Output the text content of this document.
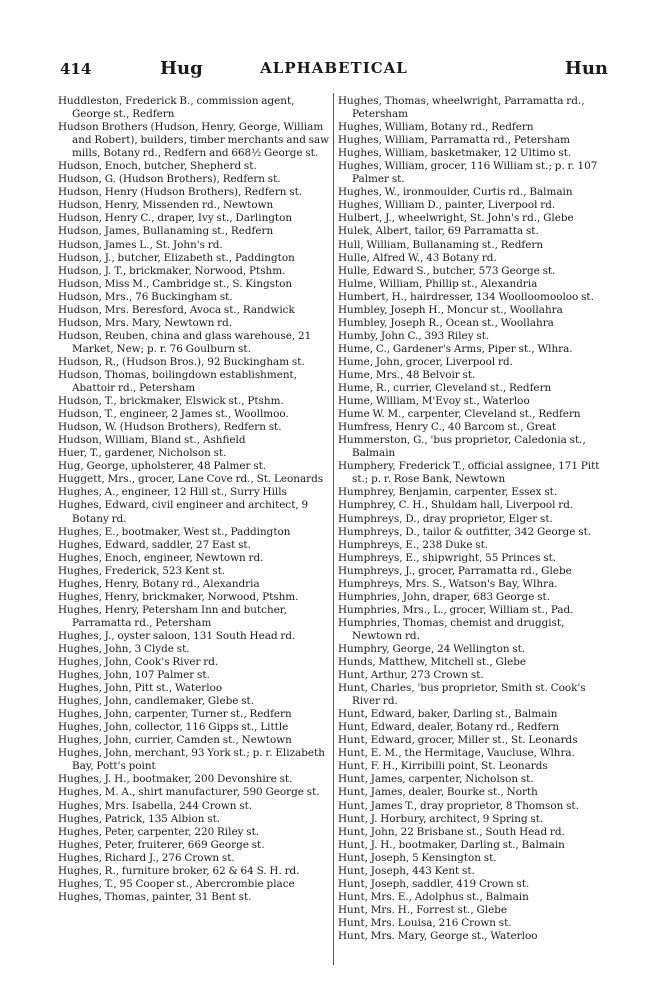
414	Hug	ALPHABETICAL	Hun
Huddleston, Frederick B., commission agent, George st., Redfern
Hudson Brothers (Hudson, Henry, George, William and Robert), builders, timber merchants and saw mills, Botany rd., Redfern and 668½ George st.
Hudson, Enoch, butcher, Shepherd st.
Hudson, G. (Hudson Brothers), Redfern st.
Hudson, Henry (Hudson Brothers), Redfern st.
Hudson, Henry, Missenden rd., Newtown
Hudson, Henry C., draper, Ivy st., Darlington
Hudson, James, Bullanaming st., Redfern
Hudson, James L., St. John's rd.
Hudson, J., butcher, Elizabeth st., Paddington
Hudson, J. T., brickmaker, Norwood, Ptshm.
Hudson, Miss M., Cambridge st., S. Kingston
Hudson, Mrs., 76 Buckingham st.
Hudson, Mrs. Beresford, Avoca st., Randwick
Hudson, Mrs. Mary, Newtown rd.
Hudson, Reuben, china and glass warehouse, 21 Market, New; p. r. 76 Goulburn st.
Hudson, R., (Hudson Bros.), 92 Buckingham st.
Hudson, Thomas, boilingdown establishment, Abattoir rd., Petersham
Hudson, T., brickmaker, Elswick st., Ptshm.
Hudson, T., engineer, 2 James st., Woollmoo.
Hudson, W. (Hudson Brothers), Redfern st.
Hudson, William, Bland st., Ashfield
Huer, T., gardener, Nicholson st.
Hug, George, upholsterer, 48 Palmer st.
Huggett, Mrs., grocer, Lane Cove rd., St. Leonards
Hughes, A., engineer, 12 Hill st., Surry Hills
Hughes, Edward, civil engineer and architect, 9 Botany rd.
Hughes, E., bootmaker, West st., Paddington
Hughes, Edward, saddler, 27 East st.
Hughes, Enoch, engineer, Newtown rd.
Hughes, Frederick, 523 Kent st.
Hughes, Henry, Botany rd., Alexandria
Hughes, Henry, brickmaker, Norwood, Ptshm.
Hughes, Henry, Petersham Inn and butcher, Parramatta rd., Petersham
Hughes, J., oyster saloon, 131 South Head rd.
Hughes, John, 3 Clyde st.
Hughes, John, Cook's River rd.
Hughes, John, 107 Palmer st.
Hughes, John, Pitt st., Waterloo
Hughes, John, candlemaker, Glebe st.
Hughes, John, carpenter, Turner st., Redfern
Hughes, John, collector, 116 Gipps st., Little
Hughes, John, currier, Camden st., Newtown
Hughes, John, merchant, 93 York st.; p. r. Elizabeth Bay, Pott's point
Hughes, J. H., bootmaker, 200 Devonshire st.
Hughes, M. A., shirt manufacturer, 590 George st.
Hughes, Mrs. Isabella, 244 Crown st.
Hughes, Patrick, 135 Albion st.
Hughes, Peter, carpenter, 220 Riley st.
Hughes, Peter, fruiterer, 669 George st.
Hughes, Richard J., 276 Crown st.
Hughes, R., furniture broker, 62 & 64 S. H. rd.
Hughes, T., 95 Cooper st., Abercrombie place
Hughes, Thomas, painter, 31 Bent st.
Hughes, Thomas, wheelwright, Parramatta rd., Petersham
Hughes, William, Botany rd., Redfern
Hughes, William, Parramatta rd., Petersham
Hughes, William, basketmaker, 12 Ultimo st.
Hughes, William, grocer, 116 William st.; p. r. 107 Palmer st.
Hughes, W., ironmoulder, Curtis rd., Balmain
Hughes, William D., painter, Liverpool rd.
Hulbert, J., wheelwright, St. John's rd., Glebe
Hulek, Albert, tailor, 69 Parramatta st.
Hull, William, Bullanaming st., Redfern
Hulle, Alfred W., 43 Botany rd.
Hulle, Edward S., butcher, 573 George st.
Hulme, William, Phillip st., Alexandria
Humbert, H., hairdresser, 134 Woolloomooloo st.
Humbley, Joseph H., Moncur st., Woollahra
Humbley, Joseph R., Ocean st., Woollahra
Humby, John C., 393 Riley st.
Hume, C., Gardener's Arms, Piper st., Wlhra.
Hume, John, grocer, Liverpool rd.
Hume, Mrs., 48 Belvoir st.
Hume, R., currier, Cleveland st., Redfern
Hume, William, M'Evoy st., Waterloo
Hume W. M., carpenter, Cleveland st., Redfern
Humfress, Henry C., 40 Barcom st., Great
Hummerston, G., 'bus proprietor, Caledonia st., Balmain
Humphery, Frederick T., official assignee, 171 Pitt st.; p. r. Rose Bank, Newtown
Humphrey, Benjamin, carpenter, Essex st.
Humphrey, C. H., Shuldam hall, Liverpool rd.
Humphreys, D., dray proprietor, Elger st.
Humphreys, D., tailor & outfitter, 342 George st.
Humphreys, E., 238 Duke st.
Humphreys, E., shipwright, 55 Princes st.
Humphreys, J., grocer, Parramatta rd., Glebe
Humphreys, Mrs. S., Watson's Bay, Wlhra.
Humphries, John, draper, 683 George st.
Humphries, Mrs., L., grocer, William st., Pad.
Humphries, Thomas, chemist and druggist, Newtown rd.
Humphry, George, 24 Wellington st.
Hunds, Matthew, Mitchell st., Glebe
Hunt, Arthur, 273 Crown st.
Hunt, Charles, 'bus proprietor, Smith st. Cook's River rd.
Hunt, Edward, baker, Darling st., Balmain
Hunt, Edward, dealer, Botany rd., Redfern
Hunt, Edward, grocer, Miller st., St. Leonards
Hunt, E. M., the Hermitage, Vaucluse, Wlhra.
Hunt, F. H., Kirribilli point, St. Leonards
Hunt, James, carpenter, Nicholson st.
Hunt, James, dealer, Bourke st., North
Hunt, James T., dray proprietor, 8 Thomson st.
Hunt, J. Horbury, architect, 9 Spring st.
Hunt, John, 22 Brisbane st., South Head rd.
Hunt, J. H., bootmaker, Darling st., Balmain
Hunt, Joseph, 5 Kensington st.
Hunt, Joseph, 443 Kent st.
Hunt, Joseph, saddler, 419 Crown st.
Hunt, Mrs. E., Adolphus st., Balmain
Hunt, Mrs. H., Forrest st., Glebe
Hunt, Mrs. Louisa, 216 Crown st.
Hunt, Mrs. Mary, George st., Waterloo
